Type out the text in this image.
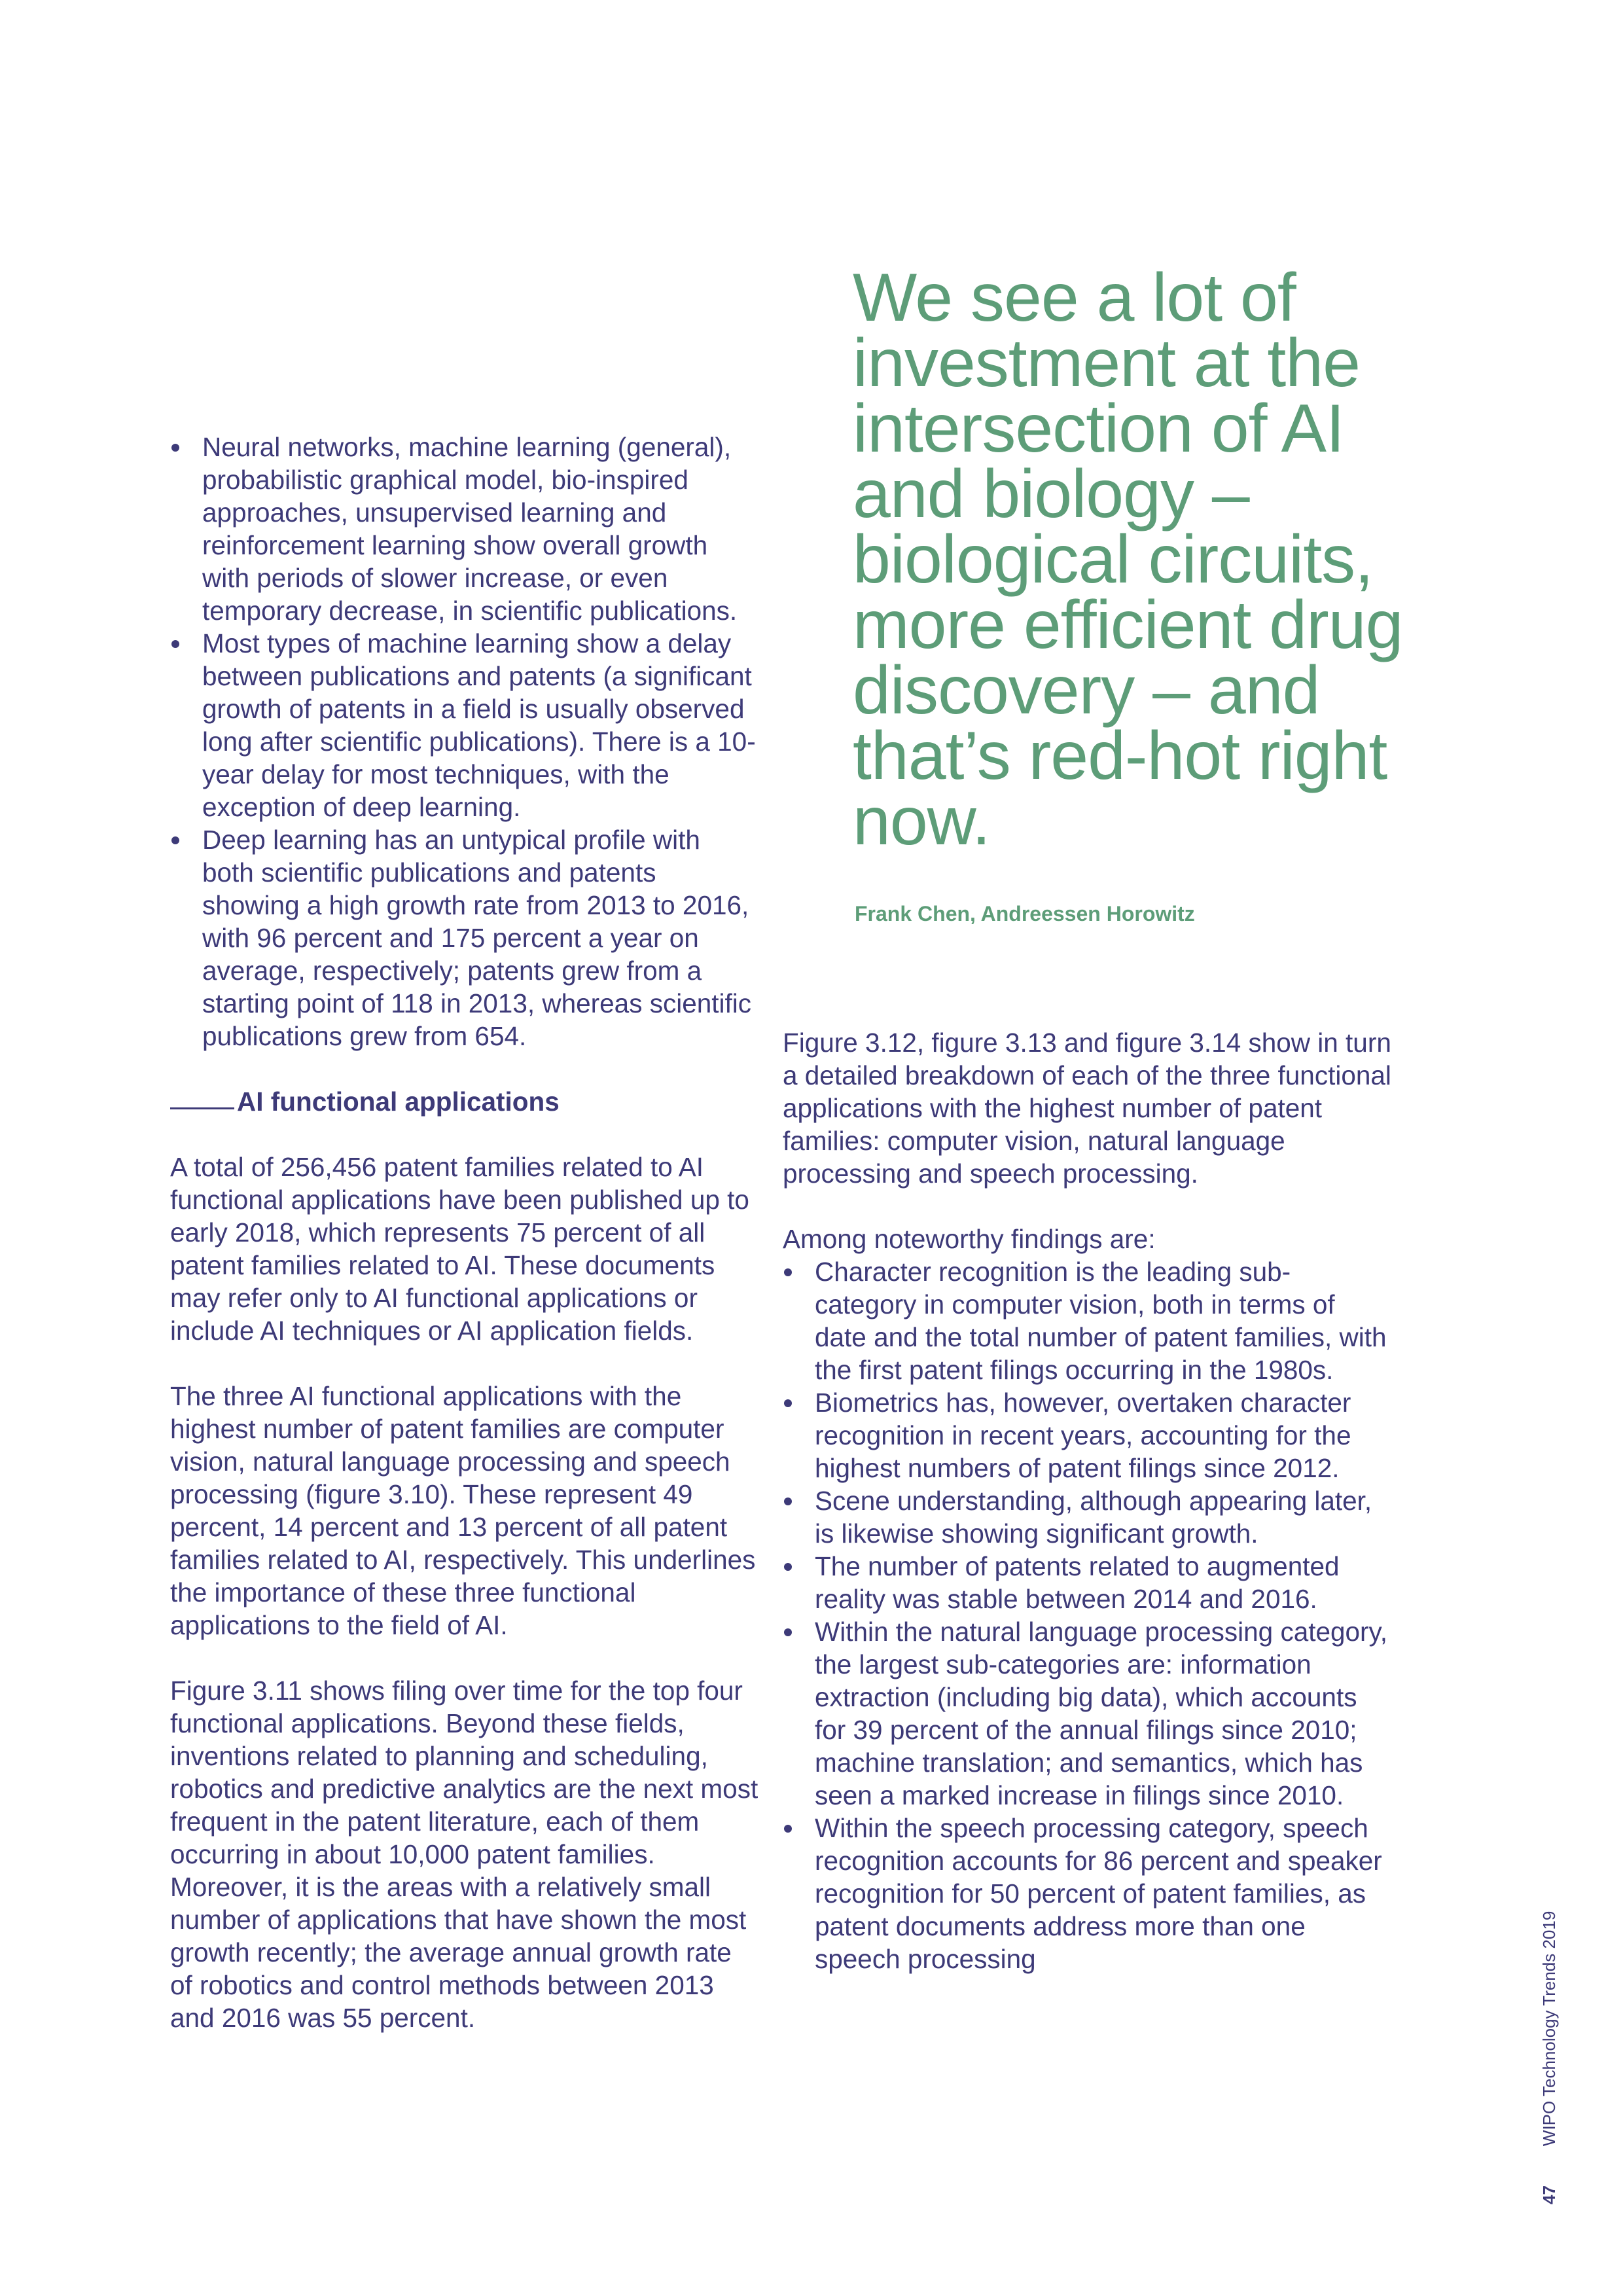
Neural networks, machine learning (general), probabilistic graphical model, bio-inspired approaches, unsupervised learning and reinforcement learning show overall growth with periods of slower increase, or even temporary decrease, in scientific publications.
Most types of machine learning show a delay between publications and patents (a significant growth of patents in a field is usually observed long after scientific publications). There is a 10-year delay for most techniques, with the exception of deep learning.
Deep learning has an untypical profile with both scientific publications and patents showing a high growth rate from 2013 to 2016, with 96 percent and 175 percent a year on average, respectively; patents grew from a starting point of 118 in 2013, whereas scientific publications grew from 654.
AI functional applications

A total of 256,456 patent families related to AI functional applications have been published up to early 2018, which represents 75 percent of all patent families related to AI. These documents may refer only to AI functional applications or include AI techniques or AI application fields.

The three AI functional applications with the highest number of patent families are computer vision, natural language processing and speech processing (figure 3.10). These represent 49 percent, 14 percent and 13 percent of all patent families related to AI, respectively. This underlines the importance of these three functional applications to the field of AI.

Figure 3.11 shows filing over time for the top four functional applications. Beyond these fields, inventions related to planning and scheduling, robotics and predictive analytics are the next most frequent in the patent literature, each of them occurring in about 10,000 patent families. Moreover, it is the areas with a relatively small number of applications that have shown the most growth recently; the average annual growth rate of robotics and control methods between 2013 and 2016 was 55 percent.

We see a lot of investment at the intersection of AI and biology – biological circuits, more efficient drug discovery – and that’s red-hot right now.
Frank Chen, Andreessen Horowitz

Figure 3.12, figure 3.13 and figure 3.14 show in turn a detailed breakdown of each of the three functional applications with the highest number of patent families: computer vision, natural language processing and speech processing.

Among noteworthy findings are:

Character recognition is the leading sub-category in computer vision, both in terms of date and the total number of patent families, with the first patent filings occurring in the 1980s.
Biometrics has, however, overtaken character recognition in recent years, accounting for the highest numbers of patent filings since 2012.
Scene understanding, although appearing later, is likewise showing significant growth.
The number of patents related to augmented reality was stable between 2014 and 2016.
Within the natural language processing category, the largest sub-categories are: information extraction (including big data), which accounts for 39 percent of the annual filings since 2010; machine translation; and semantics, which has seen a marked increase in filings since 2010.
Within the speech processing category, speech recognition accounts for 86 percent and speaker recognition for 50 percent of patent families, as patent documents address more than one speech processing
47WIPO Technology Trends 2019
